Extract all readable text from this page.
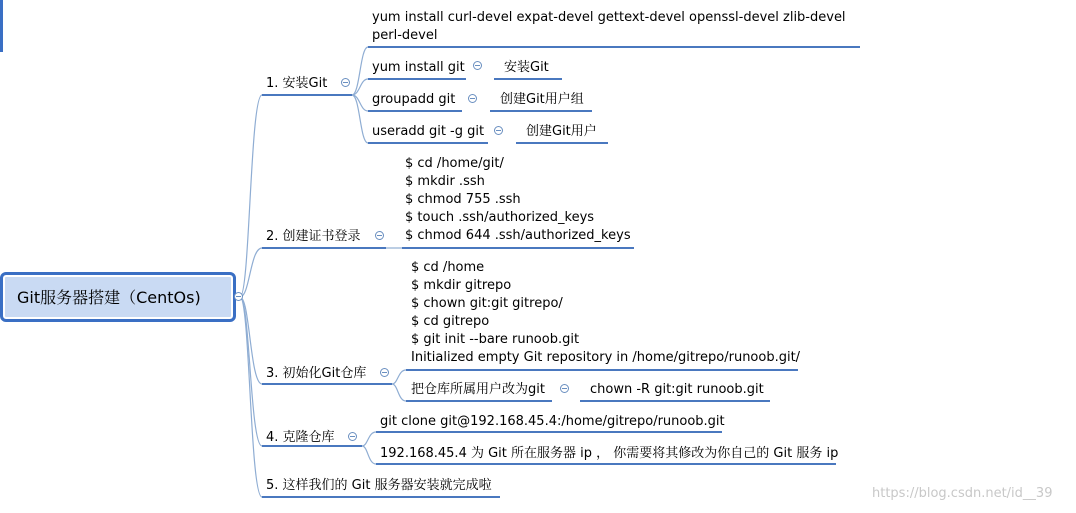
Git服务器搭建（CentOs)
1. 安装Git
yum install curl-devel expat-devel gettext-devel openssl-devel zlib-devel perl-devel
yum install git	安装Git
groupadd git	创建Git用户组
useradd git -g git	创建Git用户
2. 创建证书登录
$ cd /home/git/
$ mkdir .ssh
$ chmod 755 .ssh
$ touch .ssh/authorized_keys
$ chmod 644 .ssh/authorized_keys
3. 初始化Git仓库
$ cd /home
$ mkdir gitrepo
$ chown git:git gitrepo/
$ cd gitrepo
$ git init --bare runoob.git
Initialized empty Git repository in /home/gitrepo/runoob.git/
把仓库所属用户改为git	chown -R git:git runoob.git
4. 克隆仓库
git clone git@192.168.45.4:/home/gitrepo/runoob.git
192.168.45.4 为 Git 所在服务器 ip ， 你需要将其修改为你自己的 Git 服务 ip
5. 这样我们的 Git 服务器安装就完成啦
https://blog.csdn.net/id__39
